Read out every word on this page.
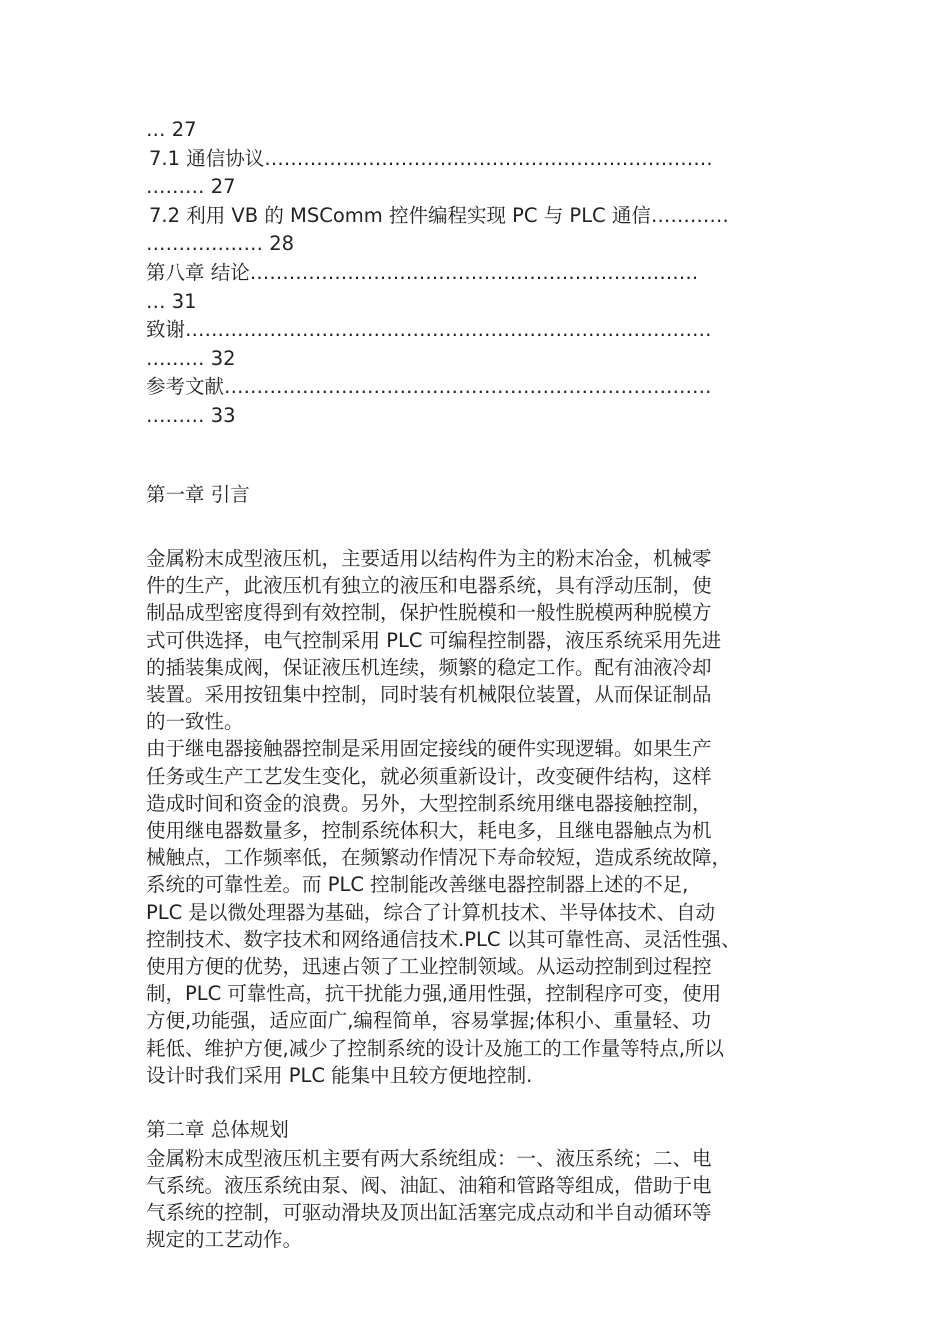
… 27

7.1 通信协议……………………………………………………………

……… 27

7.2 利用 VB 的 MSComm 控件编程实现 PC 与 PLC 通信…………

……………… 28

第八章 结论……………………………………………………………

… 31

致谢………………………………………………………………………

……… 32

参考文献…………………………………………………………………

……… 33

第一章 引言

金属粉末成型液压机，主要适用以结构件为主的粉末冶金，机械零
件的生产，此液压机有独立的液压和电器系统，具有浮动压制，使
制品成型密度得到有效控制，保护性脱模和一般性脱模两种脱模方
式可供选择，电气控制采用 PLC 可编程控制器，液压系统采用先进
的插装集成阀，保证液压机连续，频繁的稳定工作。配有油液冷却
装置。采用按钮集中控制，同时装有机械限位装置，从而保证制品
的一致性。

由于继电器接触器控制是采用固定接线的硬件实现逻辑。如果生产
任务或生产工艺发生变化，就必须重新设计，改变硬件结构，这样
造成时间和资金的浪费。另外，大型控制系统用继电器接触控制，
使用继电器数量多，控制系统体积大，耗电多，且继电器触点为机
械触点，工作频率低，在频繁动作情况下寿命较短，造成系统故障，
系统的可靠性差。而 PLC 控制能改善继电器控制器上述的不足,
PLC 是以微处理器为基础，综合了计算机技术、半导体技术、自动
控制技术、数字技术和网络通信技术.PLC 以其可靠性高、灵活性强、
使用方便的优势，迅速占领了工业控制领域。从运动控制到过程控
制，PLC 可靠性高，抗干扰能力强,通用性强，控制程序可变，使用
方便,功能强，适应面广,编程简单，容易掌握;体积小、重量轻、功
耗低、维护方便,减少了控制系统的设计及施工的工作量等特点,所以
设计时我们采用 PLC 能集中且较方便地控制.

第二章 总体规划

金属粉末成型液压机主要有两大系统组成：一、液压系统；二、电
气系统。液压系统由泵、阀、油缸、油箱和管路等组成，借助于电
气系统的控制，可驱动滑块及顶出缸活塞完成点动和半自动循环等
规定的工艺动作。
